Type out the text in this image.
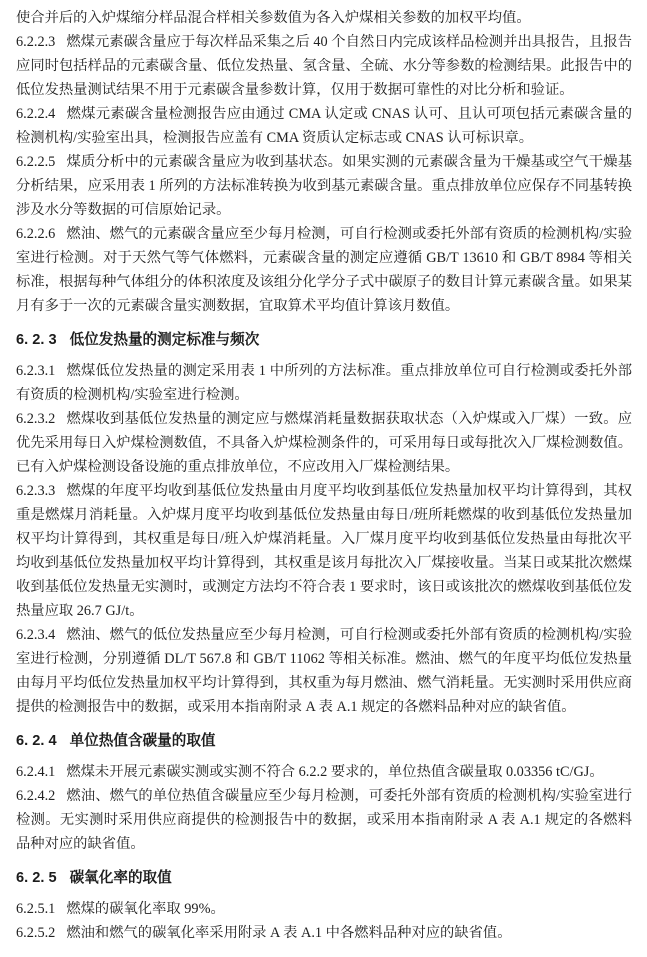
使合并后的入炉煤缩分样品混合样相关参数值为各入炉煤相关参数的加权平均值。

6.2.2.3 燃煤元素碳含量应于每次样品采集之后 40 个自然日内完成该样品检测并出具报告，且报告应同时包括样品的元素碳含量、低位发热量、氢含量、全硫、水分等参数的检测结果。此报告中的低位发热量测试结果不用于元素碳含量参数计算，仅用于数据可靠性的对比分析和验证。

6.2.2.4 燃煤元素碳含量检测报告应由通过 CMA 认定或 CNAS 认可、且认可项包括元素碳含量的检测机构/实验室出具，检测报告应盖有 CMA 资质认定标志或 CNAS 认可标识章。

6.2.2.5 煤质分析中的元素碳含量应为收到基状态。如果实测的元素碳含量为干燥基或空气干燥基分析结果，应采用表 1 所列的方法标准转换为收到基元素碳含量。重点排放单位应保存不同基转换涉及水分等数据的可信原始记录。

6.2.2.6 燃油、燃气的元素碳含量应至少每月检测，可自行检测或委托外部有资质的检测机构/实验室进行检测。对于天然气等气体燃料，元素碳含量的测定应遵循 GB/T 13610 和 GB/T 8984 等相关标准，根据每种气体组分的体积浓度及该组分化学分子式中碳原子的数目计算元素碳含量。如果某月有多于一次的元素碳含量实测数据，宜取算术平均值计算该月数值。

6. 2. 3 低位发热量的测定标准与频次

6.2.3.1 燃煤低位发热量的测定采用表 1 中所列的方法标准。重点排放单位可自行检测或委托外部有资质的检测机构/实验室进行检测。

6.2.3.2 燃煤收到基低位发热量的测定应与燃煤消耗量数据获取状态（入炉煤或入厂煤）一致。应优先采用每日入炉煤检测数值，不具备入炉煤检测条件的，可采用每日或每批次入厂煤检测数值。已有入炉煤检测设备设施的重点排放单位，不应改用入厂煤检测结果。

6.2.3.3 燃煤的年度平均收到基低位发热量由月度平均收到基低位发热量加权平均计算得到，其权重是燃煤月消耗量。入炉煤月度平均收到基低位发热量由每日/班所耗燃煤的收到基低位发热量加权平均计算得到，其权重是每日/班入炉煤消耗量。入厂煤月度平均收到基低位发热量由每批次平均收到基低位发热量加权平均计算得到，其权重是该月每批次入厂煤接收量。当某日或某批次燃煤收到基低位发热量无实测时，或测定方法均不符合表 1 要求时，该日或该批次的燃煤收到基低位发热量应取 26.7 GJ/t。

6.2.3.4 燃油、燃气的低位发热量应至少每月检测，可自行检测或委托外部有资质的检测机构/实验室进行检测，分别遵循 DL/T 567.8 和 GB/T 11062 等相关标准。燃油、燃气的年度平均低位发热量由每月平均低位发热量加权平均计算得到，其权重为每月燃油、燃气消耗量。无实测时采用供应商提供的检测报告中的数据，或采用本指南附录 A 表 A.1 规定的各燃料品种对应的缺省值。

6. 2. 4 单位热值含碳量的取值

6.2.4.1 燃煤未开展元素碳实测或实测不符合 6.2.2 要求的，单位热值含碳量取 0.03356 tC/GJ。

6.2.4.2 燃油、燃气的单位热值含碳量应至少每月检测，可委托外部有资质的检测机构/实验室进行检测。无实测时采用供应商提供的检测报告中的数据，或采用本指南附录 A 表 A.1 规定的各燃料品种对应的缺省值。

6. 2. 5 碳氧化率的取值

6.2.5.1 燃煤的碳氧化率取 99%。

6.2.5.2 燃油和燃气的碳氧化率采用附录 A 表 A.1 中各燃料品种对应的缺省值。
